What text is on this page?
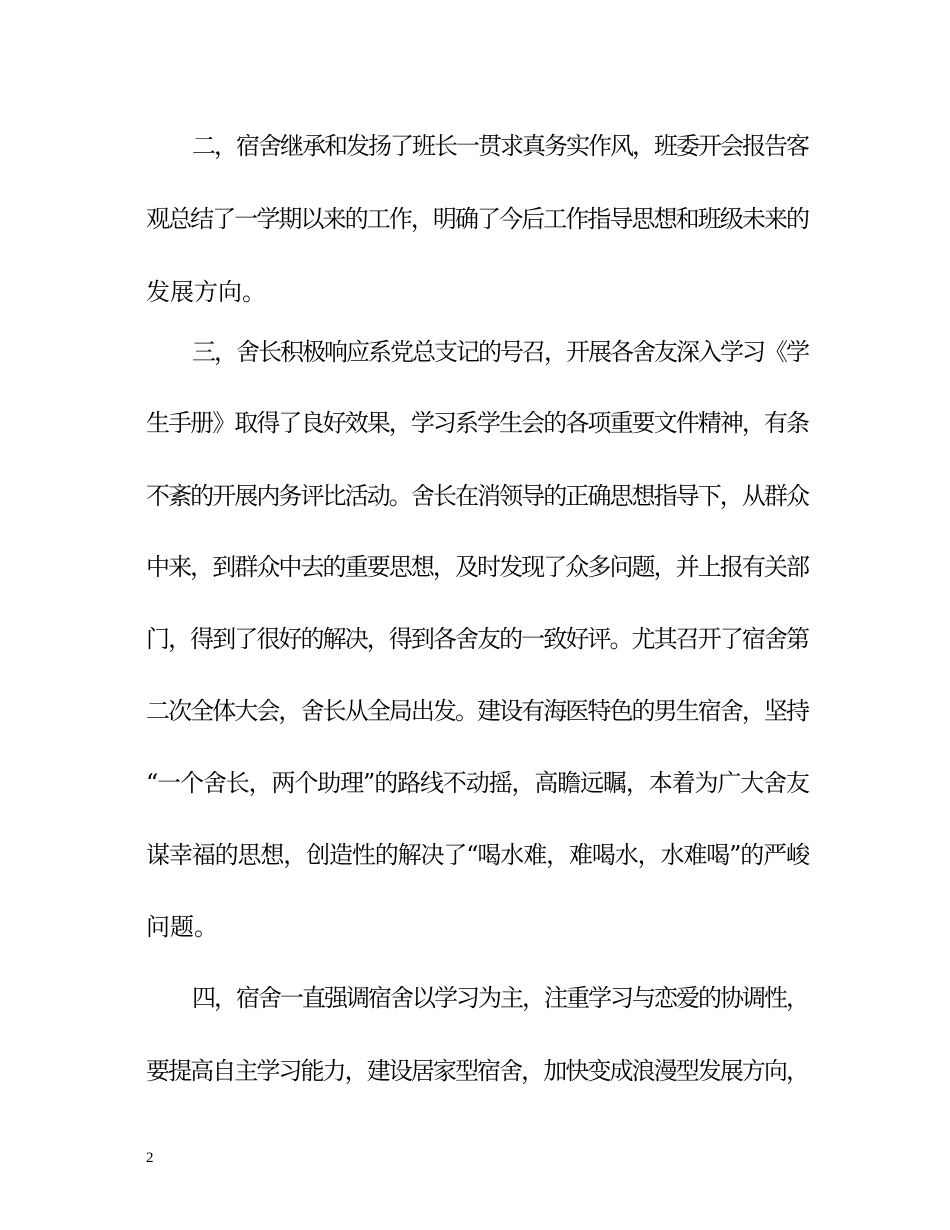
二，宿舍继承和发扬了班长一贯求真务实作风，班委开会报告客
观总结了一学期以来的工作，明确了今后工作指导思想和班级未来的
发展方向。
三，舍长积极响应系党总支记的号召，开展各舍友深入学习《学
生手册》取得了良好效果，学习系学生会的各项重要文件精神，有条
不紊的开展内务评比活动。舍长在消领导的正确思想指导下，从群众
中来，到群众中去的重要思想，及时发现了众多问题，并上报有关部
门，得到了很好的解决，得到各舍友的一致好评。尤其召开了宿舍第
二次全体大会，舍长从全局出发。建设有海医特色的男生宿舍，坚持
“一个舍长，两个助理”的路线不动摇，高瞻远瞩，本着为广大舍友
谋幸福的思想，创造性的解决了“喝水难，难喝水，水难喝”的严峻
问题。
四，宿舍一直强调宿舍以学习为主，注重学习与恋爱的协调性，
要提高自主学习能力，建设居家型宿舍，加快变成浪漫型发展方向，
2
